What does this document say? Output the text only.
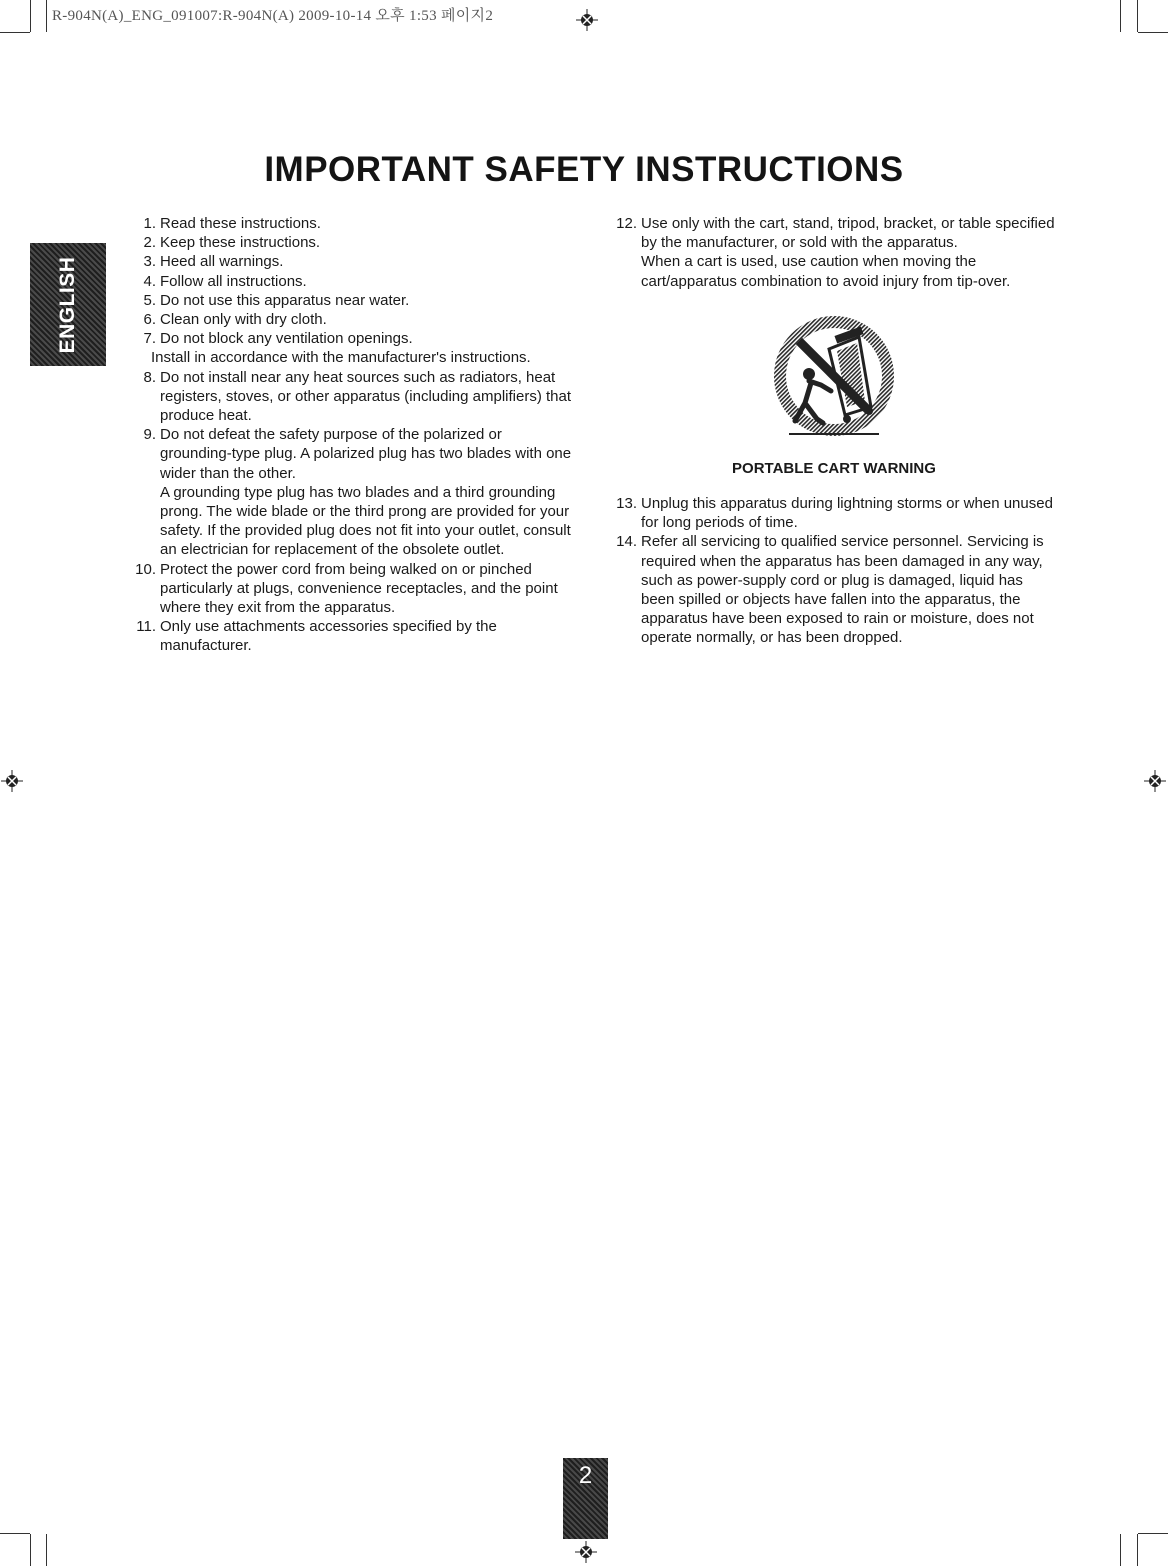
R-904N(A)_ENG_091007:R-904N(A) 2009-10-14 오후 1:53 페이지2
IMPORTANT SAFETY INSTRUCTIONS
ENGLISH
1. Read these instructions.
2. Keep these instructions.
3. Heed all warnings.
4. Follow all instructions.
5. Do not use this apparatus near water.
6. Clean only with dry cloth.
7. Do not block any ventilation openings.
Install in accordance with the manufacturer's instructions.
8. Do not install near any heat sources such as radiators, heat registers, stoves, or other apparatus (including amplifiers) that produce heat.
9. Do not defeat the safety purpose of the polarized or grounding-type plug. A polarized plug has two blades with one wider than the other.
A grounding type plug has two blades and a third grounding prong. The wide blade or the third prong are provided for your safety. If the provided plug does not fit into your outlet, consult an electrician for replacement of the obsolete outlet.
10. Protect the power cord from being walked on or pinched particularly at plugs, convenience receptacles, and the point where they exit from the apparatus.
11. Only use attachments accessories specified by the manufacturer.
12. Use only with the cart, stand, tripod, bracket, or table specified by the manufacturer, or sold with the apparatus.
When a cart is used, use caution when moving the cart/apparatus combination to avoid injury from tip-over.
PORTABLE CART WARNING
13. Unplug this apparatus during lightning storms or when unused for long periods of time.
14. Refer all servicing to qualified service personnel. Servicing is required when the apparatus has been damaged in any way, such as power-supply cord or plug is damaged, liquid has been spilled or objects have fallen into the apparatus, the apparatus have been exposed to rain or moisture, does not operate normally, or has been dropped.
2
